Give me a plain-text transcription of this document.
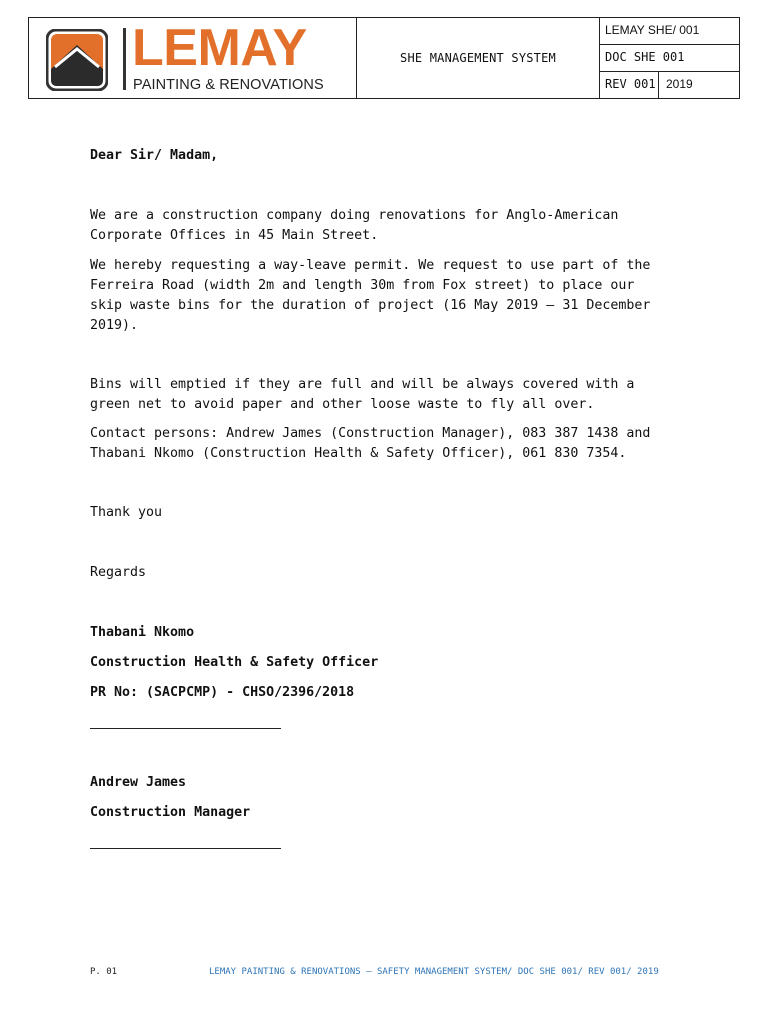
LEMAY
PAINTING & RENOVATIONS
SHE MANAGEMENT SYSTEM
LEMAY SHE/ 001
DOC SHE 001
REV 001 2019
Dear Sir/ Madam,
We are a construction company doing renovations for Anglo-American
Corporate Offices in 45 Main Street.
We hereby requesting a way-leave permit. We request to use part of the
Ferreira Road (width 2m and length 30m from Fox street) to place our
skip waste bins for the duration of project (16 May 2019 – 31 December
2019).
Bins will emptied if they are full and will be always covered with a
green net to avoid paper and other loose waste to fly all over.
Contact persons: Andrew James (Construction Manager), 083 387 1438 and
Thabani Nkomo (Construction Health & Safety Officer), 061 830 7354.
Thank you
Regards
Thabani Nkomo
Construction Health & Safety Officer
PR No: (SACPCMP) - CHSO/2396/2018
Andrew James
Construction Manager
P. 01	LEMAY PAINTING & RENOVATIONS – SAFETY MANAGEMENT SYSTEM/ DOC SHE 001/ REV 001/ 2019
